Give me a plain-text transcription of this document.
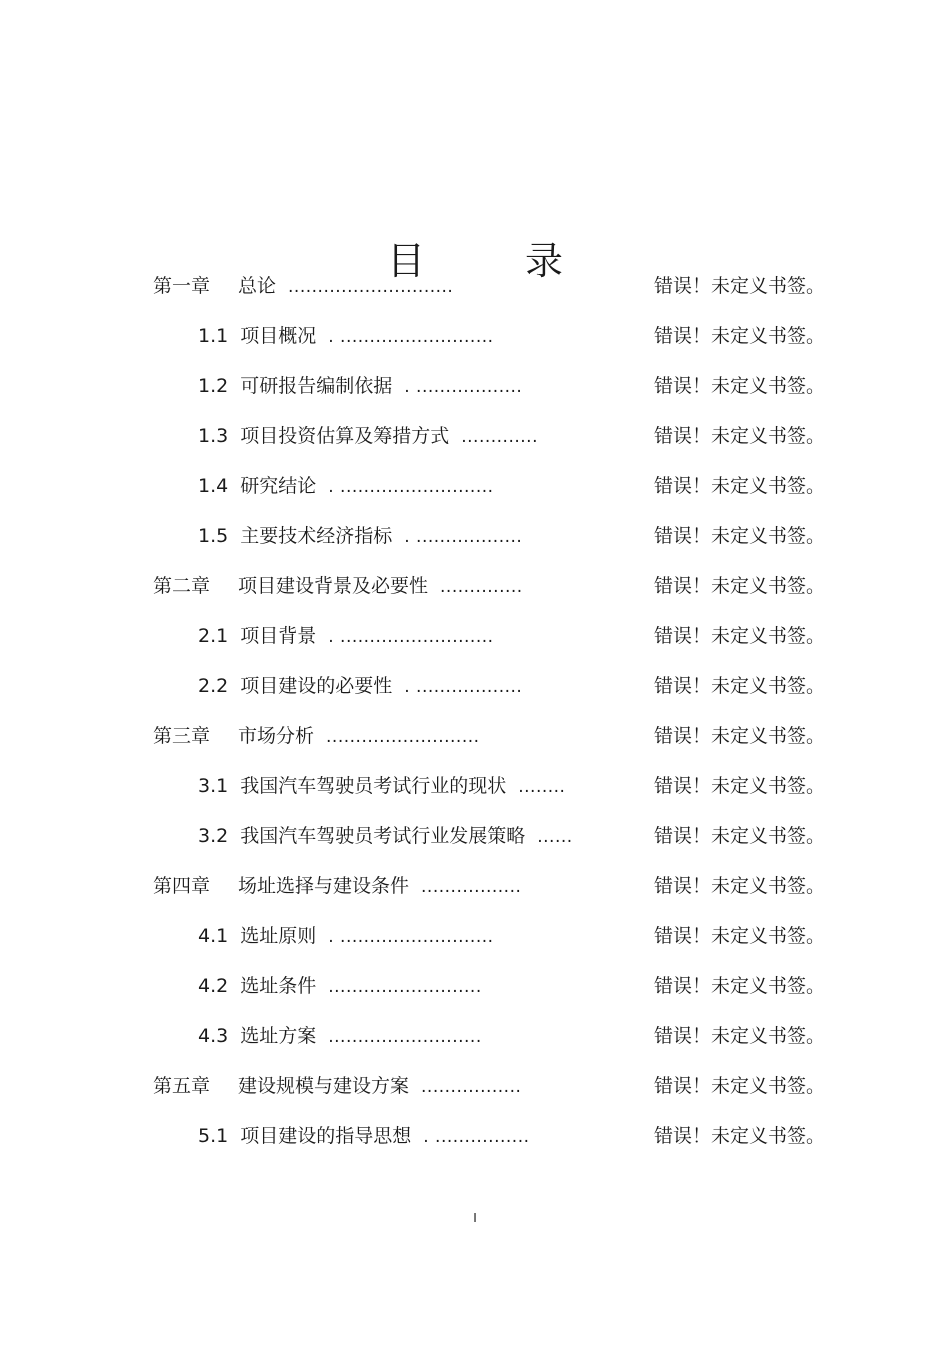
目 录
第一章 总论 ............................	错误！未定义书签。
1.1 项目概况 . ..........................	错误！未定义书签。
1.2 可研报告编制依据 . ..................	错误！未定义书签。
1.3 项目投资估算及筹措方式 .............	错误！未定义书签。
1.4 研究结论 . ..........................	错误！未定义书签。
1.5 主要技术经济指标 . ..................	错误！未定义书签。
第二章 项目建设背景及必要性 ..............	错误！未定义书签。
2.1 项目背景 . ..........................	错误！未定义书签。
2.2 项目建设的必要性 . ..................	错误！未定义书签。
第三章 市场分析 ..........................	错误！未定义书签。
3.1 我国汽车驾驶员考试行业的现状 ........	错误！未定义书签。
3.2 我国汽车驾驶员考试行业发展策略 ......	错误！未定义书签。
第四章 场址选择与建设条件 .................	错误！未定义书签。
4.1 选址原则 . ..........................	错误！未定义书签。
4.2 选址条件 ..........................	错误！未定义书签。
4.3 选址方案 ..........................	错误！未定义书签。
第五章 建设规模与建设方案 .................	错误！未定义书签。
5.1 项目建设的指导思想 . ................	错误！未定义书签。
I
